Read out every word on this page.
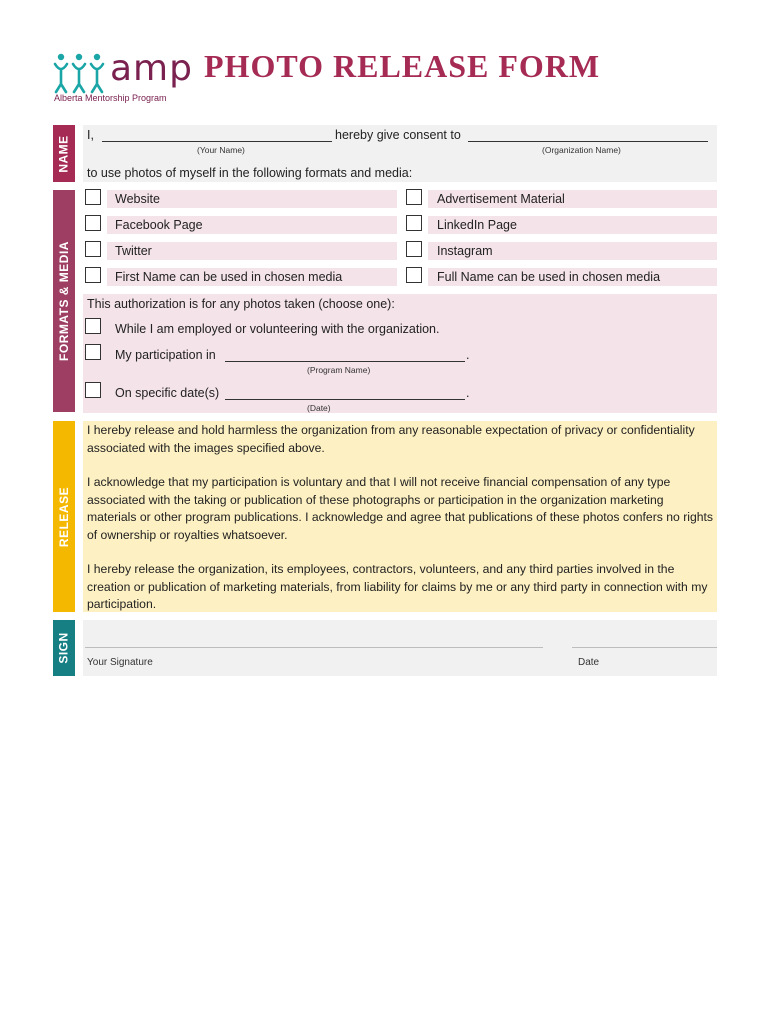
amp
Alberta Mentorship Program
PHOTO RELEASE FORM
NAME I,	hereby give consent to
(Your Name)	(Organization Name)
to use photos of myself in the following formats and media:
FORMATS & MEDIA
Website	Advertisement Material
Facebook Page	LinkedIn Page
Twitter	Instagram
First Name can be used in chosen media	Full Name can be used in chosen media
This authorization is for any photos taken (choose one):
While I am employed or volunteering with the organization.
My participation in	.
(Program Name)
On specific date(s)	.
(Date)
RELEASE
I hereby release and hold harmless the organization from any reasonable expectation of privacy or confidentiality associated with the images specified above.
I acknowledge that my participation is voluntary and that I will not receive financial compensation of any type associated with the taking or publication of these photographs or participation in the organization marketing materials or other program publications. I acknowledge and agree that publications of these photos confers no rights of ownership or royalties whatsoever.
I hereby release the organization, its employees, contractors, volunteers, and any third parties involved in the creation or publication of marketing materials, from liability for claims by me or any third party in connection with my participation.
SIGN Your Signature	Date
